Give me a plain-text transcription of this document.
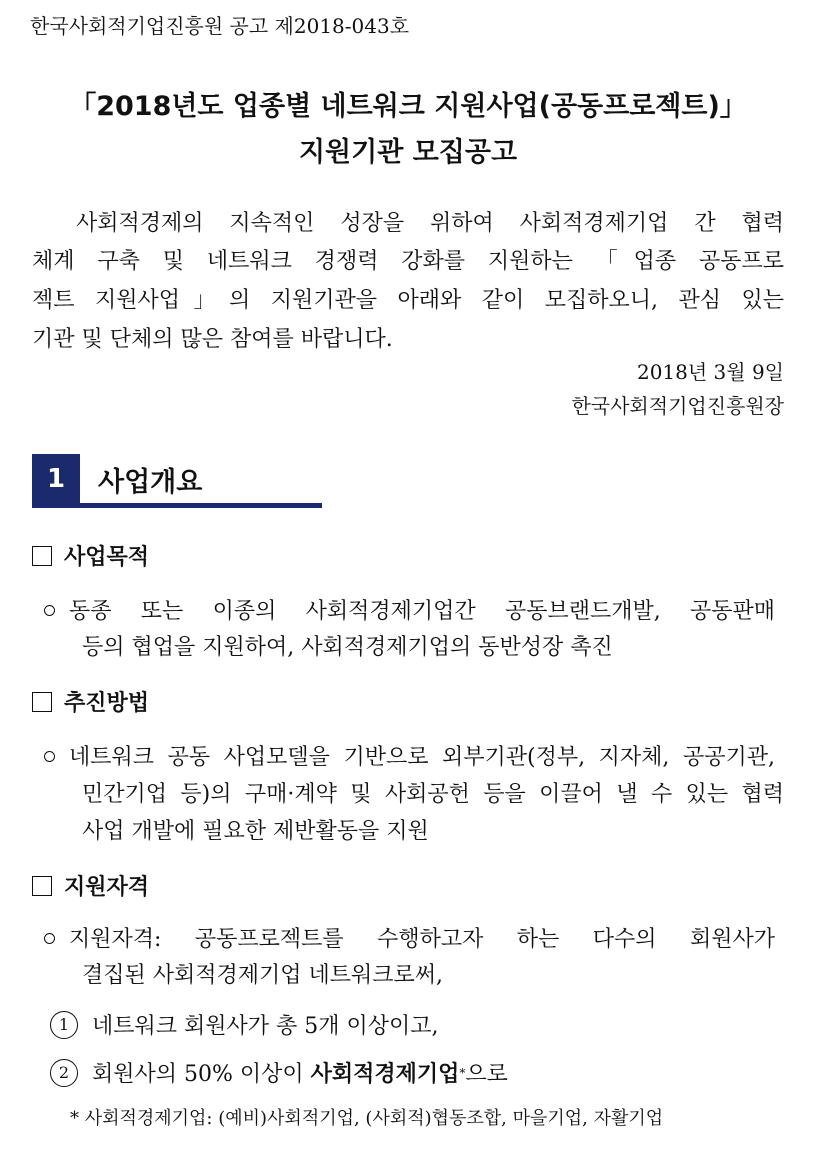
한국사회적기업진흥원 공고 제2018-043호
「2018년도 업종별 네트워크 지원사업(공동프로젝트)」
지원기관 모집공고
사회적경제의 지속적인 성장을 위하여 사회적경제기업 간 협력
체계 구축 및 네트워크 경쟁력 강화를 지원하는 「업종 공동프로
젝트 지원사업」의 지원기관을 아래와 같이 모집하오니, 관심 있는
기관 및 단체의 많은 참여를 바랍니다.
2018년 3월 9일
한국사회적기업진흥원장
1	사업개요
사업목적
동종 또는 이종의 사회적경제기업간 공동브랜드개발, 공동판매
등의 협업을 지원하여, 사회적경제기업의 동반성장 촉진
추진방법
네트워크 공동 사업모델을 기반으로 외부기관(정부, 지자체, 공공기관,
민간기업 등)의 구매·계약 및 사회공헌 등을 이끌어 낼 수 있는 협력
사업 개발에 필요한 제반활동을 지원
지원자격
지원자격: 공동프로젝트를 수행하고자 하는 다수의 회원사가
결집된 사회적경제기업 네트워크로써,
1	네트워크 회원사가 총 5개 이상이고,
2	회원사의 50% 이상이 사회적경제기업 * 으로
* 사회적경제기업: (예비)사회적기업, (사회적)협동조합, 마을기업, 자활기업
